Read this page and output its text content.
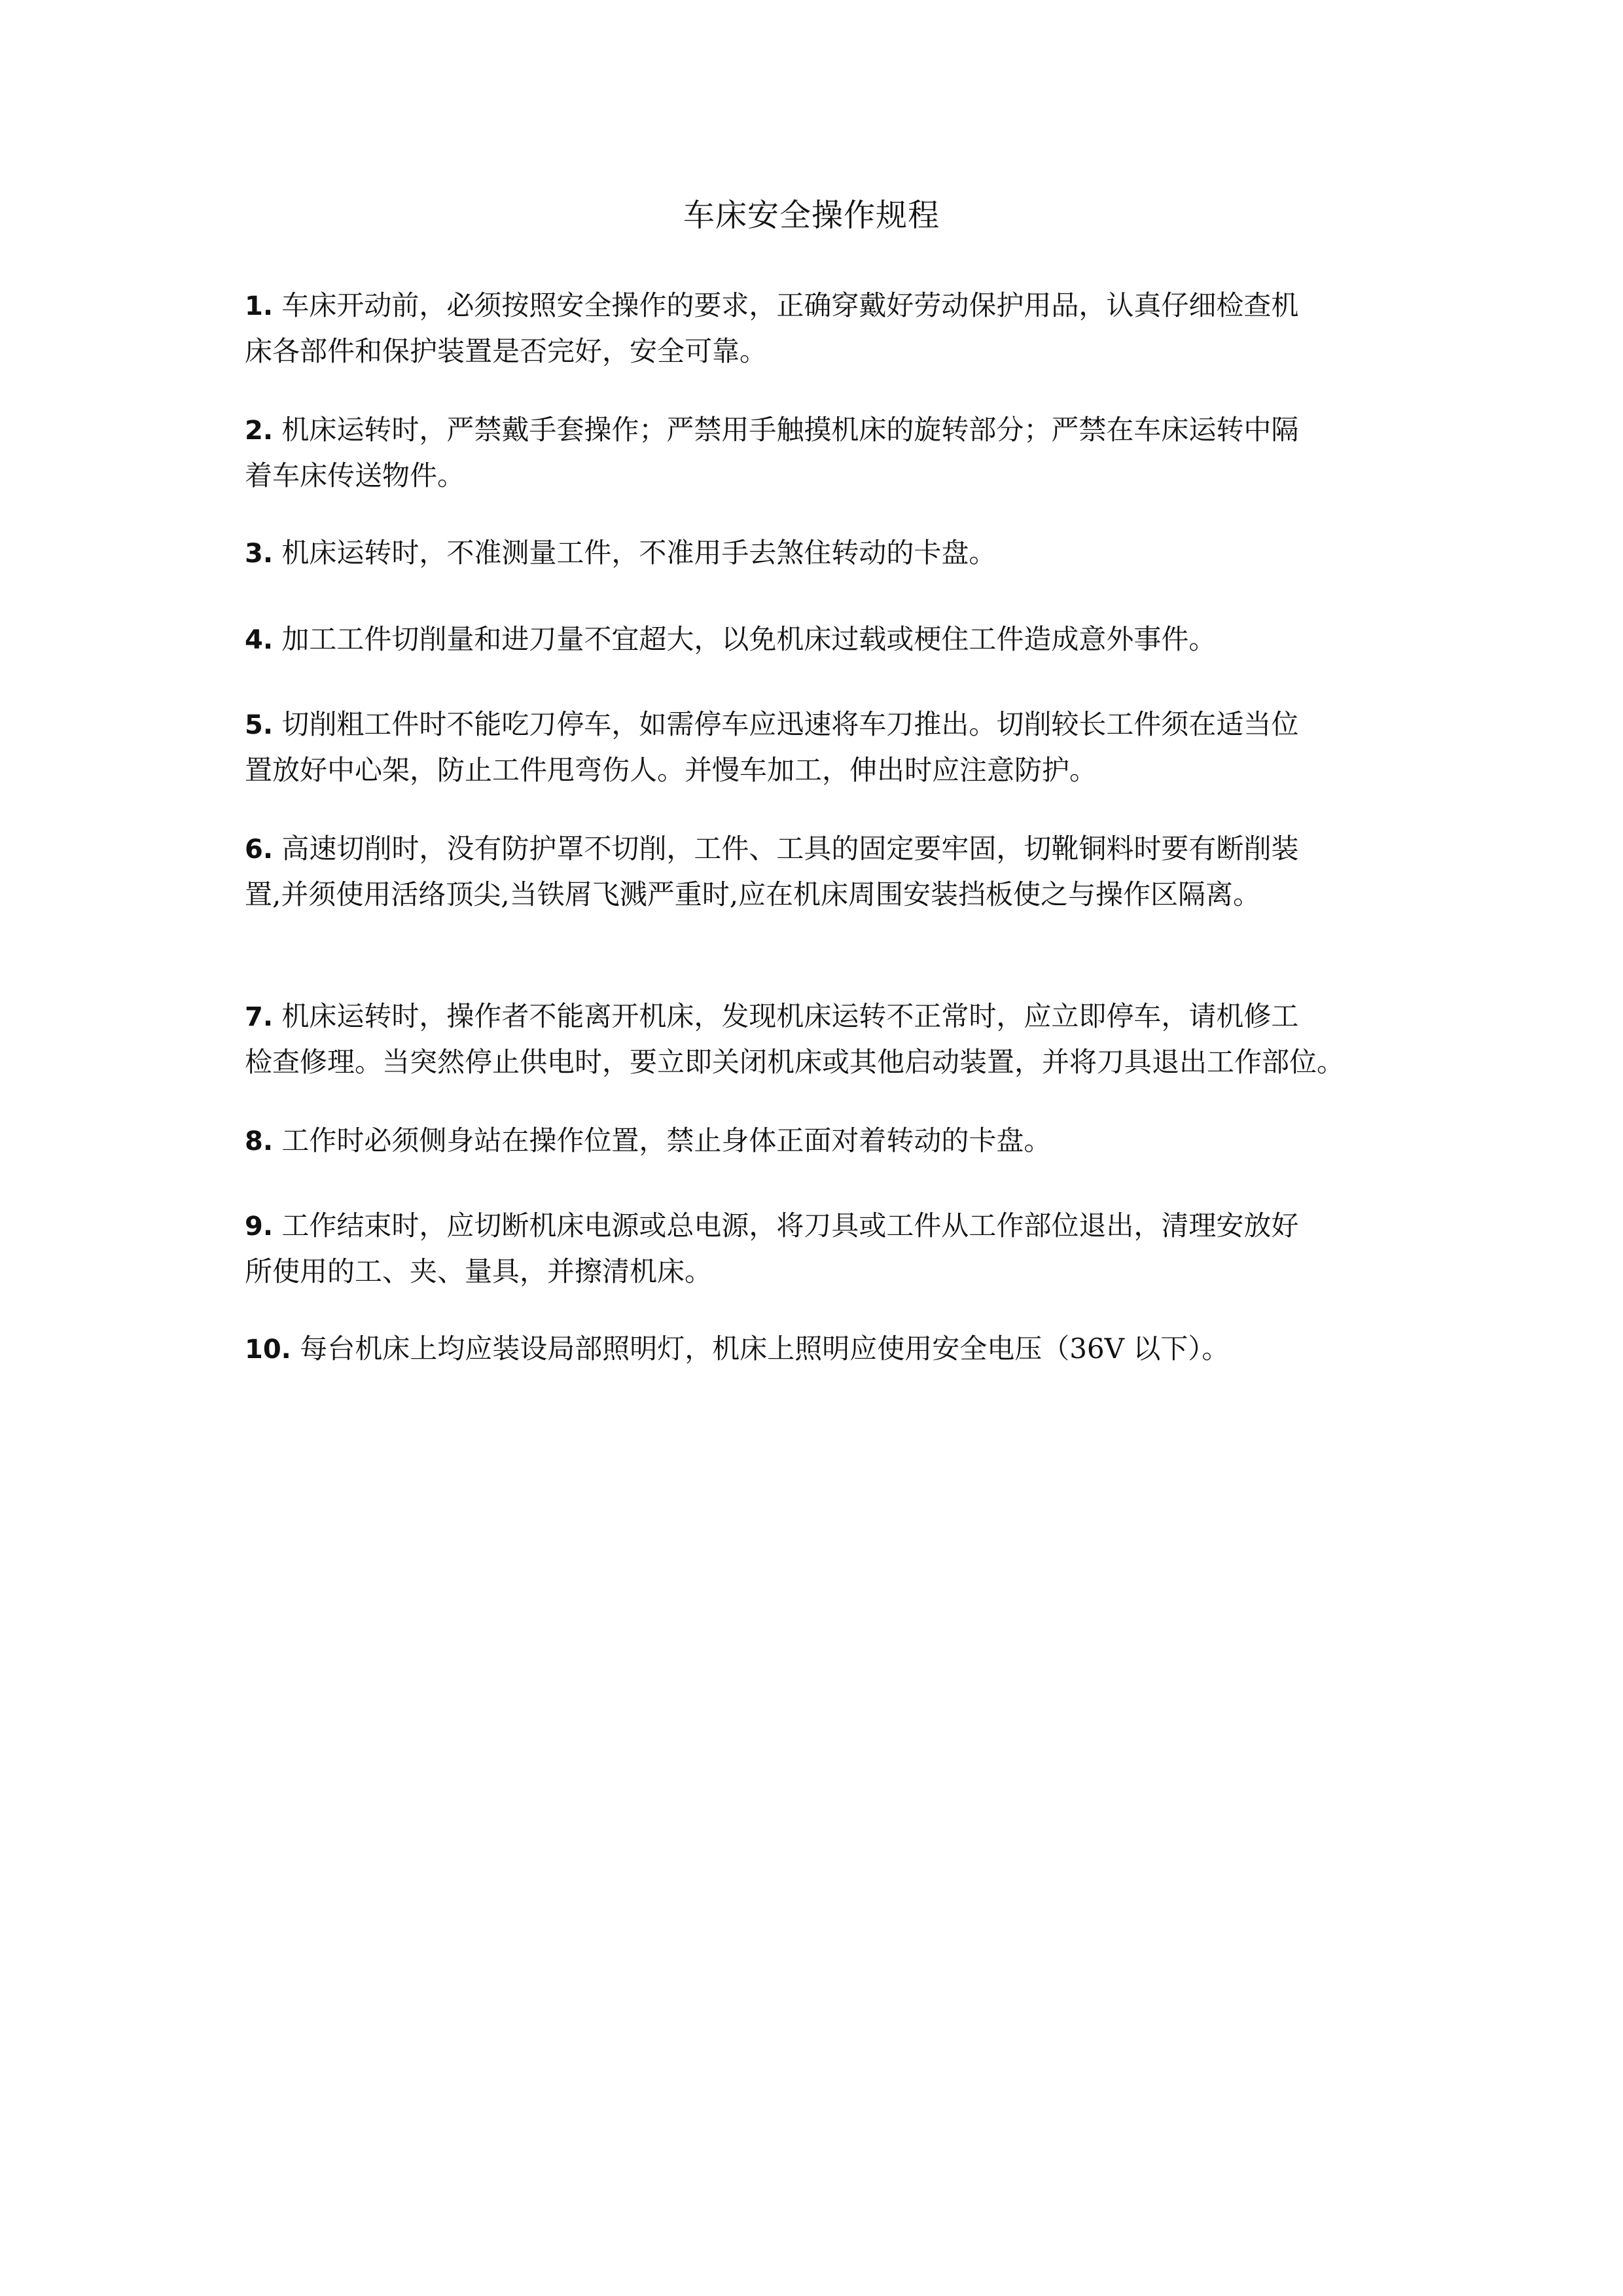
车床安全操作规程
1. 车床开动前，必须按照安全操作的要求，正确穿戴好劳动保护用品，认真仔细检查机
床各部件和保护装置是否完好，安全可靠。
2. 机床运转时，严禁戴手套操作；严禁用手触摸机床的旋转部分；严禁在车床运转中隔
着车床传送物件。
3. 机床运转时，不准测量工件，不准用手去煞住转动的卡盘。
4. 加工工件切削量和进刀量不宜超大，以免机床过载或梗住工件造成意外事件。
5. 切削粗工件时不能吃刀停车，如需停车应迅速将车刀推出。切削较长工件须在适当位
置放好中心架，防止工件甩弯伤人。并慢车加工，伸出时应注意防护。
6. 高速切削时，没有防护罩不切削，工件、工具的固定要牢固，切靴铜料时要有断削装
置,并须使用活络顶尖,当铁屑飞溅严重时,应在机床周围安装挡板使之与操作区隔离。
7. 机床运转时，操作者不能离开机床，发现机床运转不正常时，应立即停车，请机修工
检查修理。当突然停止供电时，要立即关闭机床或其他启动装置，并将刀具退出工作部位。
8. 工作时必须侧身站在操作位置，禁止身体正面对着转动的卡盘。
9. 工作结束时，应切断机床电源或总电源，将刀具或工件从工作部位退出，清理安放好
所使用的工、夹、量具，并擦清机床。
10. 每台机床上均应装设局部照明灯，机床上照明应使用安全电压（36V 以下）。
